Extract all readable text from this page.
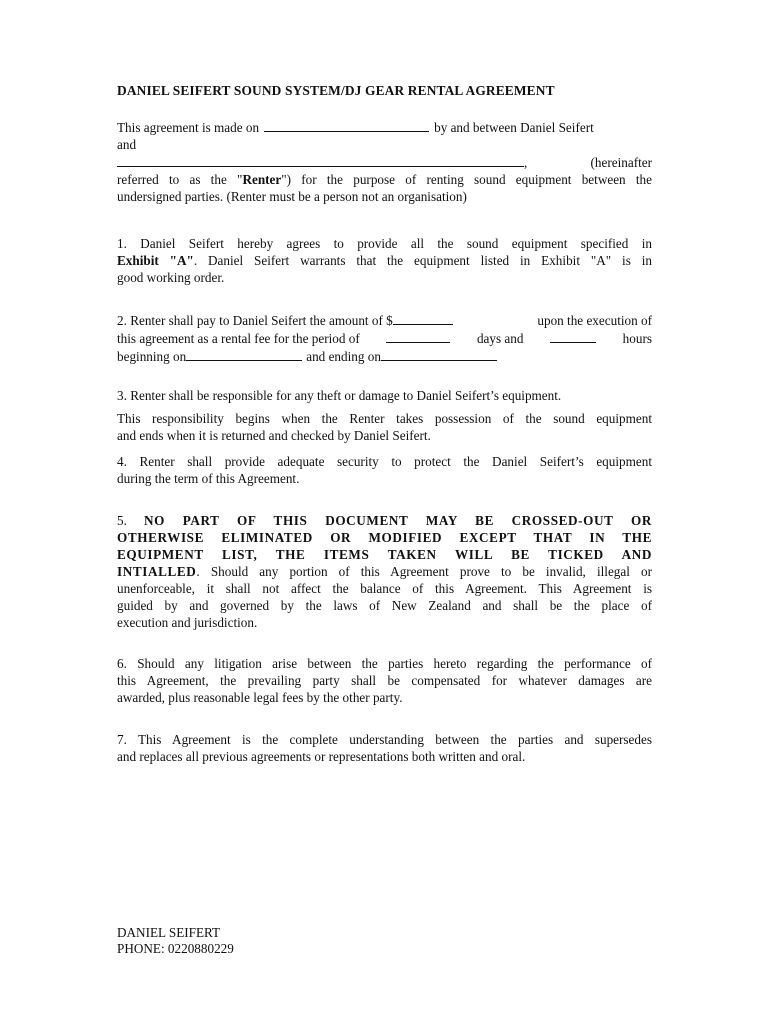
DANIEL SEIFERT SOUND SYSTEM/DJ GEAR RENTAL AGREEMENT
This agreement is made on	by and between Daniel Seifert
and
,	(hereinafter
referred to as the "Renter") for the purpose of renting sound equipment between the
undersigned parties. (Renter must be a person not an organisation)
1. Daniel Seifert hereby agrees to provide all the sound equipment specified in
Exhibit "A". Daniel Seifert warrants that the equipment listed in Exhibit "A" is in
good working order.
2. Renter shall pay to Daniel Seifert the amount of $	upon the execution of
this agreement as a rental fee for the period of	days and	hours
beginning on	and ending on
3. Renter shall be responsible for any theft or damage to Daniel Seifert’s equipment.
This responsibility begins when the Renter takes possession of the sound equipment
and ends when it is returned and checked by Daniel Seifert.
4. Renter shall provide adequate security to protect the Daniel Seifert’s equipment
during the term of this Agreement.
5. NO PART OF THIS DOCUMENT MAY BE CROSSED-OUT OR
OTHERWISE ELIMINATED OR MODIFIED EXCEPT THAT IN THE
EQUIPMENT LIST, THE ITEMS TAKEN WILL BE TICKED AND
INTIALLED. Should any portion of this Agreement prove to be invalid, illegal or
unenforceable, it shall not affect the balance of this Agreement. This Agreement is
guided by and governed by the laws of New Zealand and shall be the place of
execution and jurisdiction.
6. Should any litigation arise between the parties hereto regarding the performance of
this Agreement, the prevailing party shall be compensated for whatever damages are
awarded, plus reasonable legal fees by the other party.
7. This Agreement is the complete understanding between the parties and supersedes
and replaces all previous agreements or representations both written and oral.
DANIEL SEIFERT
PHONE: 0220880229
